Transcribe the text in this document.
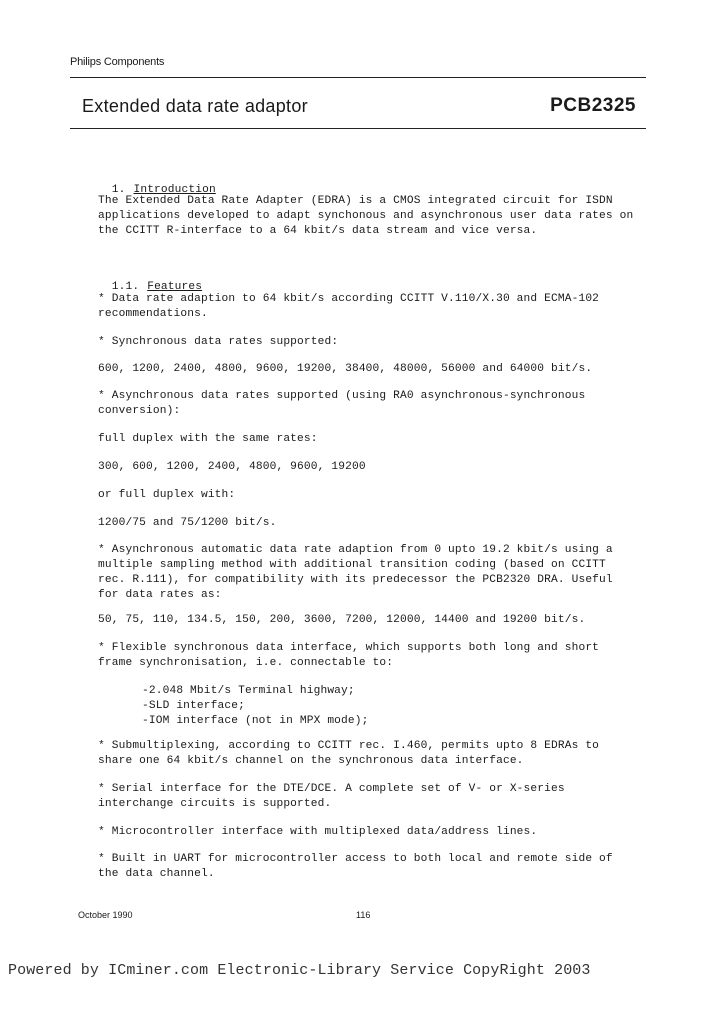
Philips Components
Extended data rate adaptor	PCB2325

1. Introduction

The Extended Data Rate Adapter (EDRA) is a CMOS integrated circuit for ISDN applications developed to adapt synchonous and asynchronous user data rates on the CCITT R-interface to a 64 kbit/s data stream and vice versa.

1.1. Features

* Data rate adaption to 64 kbit/s according CCITT V.110/X.30 and ECMA-102 recommendations.
* Synchronous data rates supported:
600, 1200, 2400, 4800, 9600, 19200, 38400, 48000, 56000 and 64000 bit/s.
* Asynchronous data rates supported (using RA0 asynchronous-synchronous conversion):
full duplex with the same rates:
300, 600, 1200, 2400, 4800, 9600, 19200
or full duplex with:
1200/75 and 75/1200 bit/s.
* Asynchronous automatic data rate adaption from 0 upto 19.2 kbit/s using a multiple sampling method with additional transition coding (based on CCITT rec. R.111), for compatibility with its predecessor the PCB2320 DRA. Useful for data rates as:
50, 75, 110, 134.5, 150, 200, 3600, 7200, 12000, 14400 and 19200 bit/s.
* Flexible synchronous data interface, which supports both long and short frame synchronisation, i.e. connectable to:
-2.048 Mbit/s Terminal highway;
-SLD interface;
-IOM interface (not in MPX mode);
* Submultiplexing, according to CCITT rec. I.460, permits upto 8 EDRAs to share one 64 kbit/s channel on the synchronous data interface.
* Serial interface for the DTE/DCE. A complete set of V- or X-series interchange circuits is supported.
* Microcontroller interface with multiplexed data/address lines.
* Built in UART for microcontroller access to both local and remote side of the data channel.
October 1990	116
Powered by ICminer.com Electronic-Library Service CopyRight 2003
